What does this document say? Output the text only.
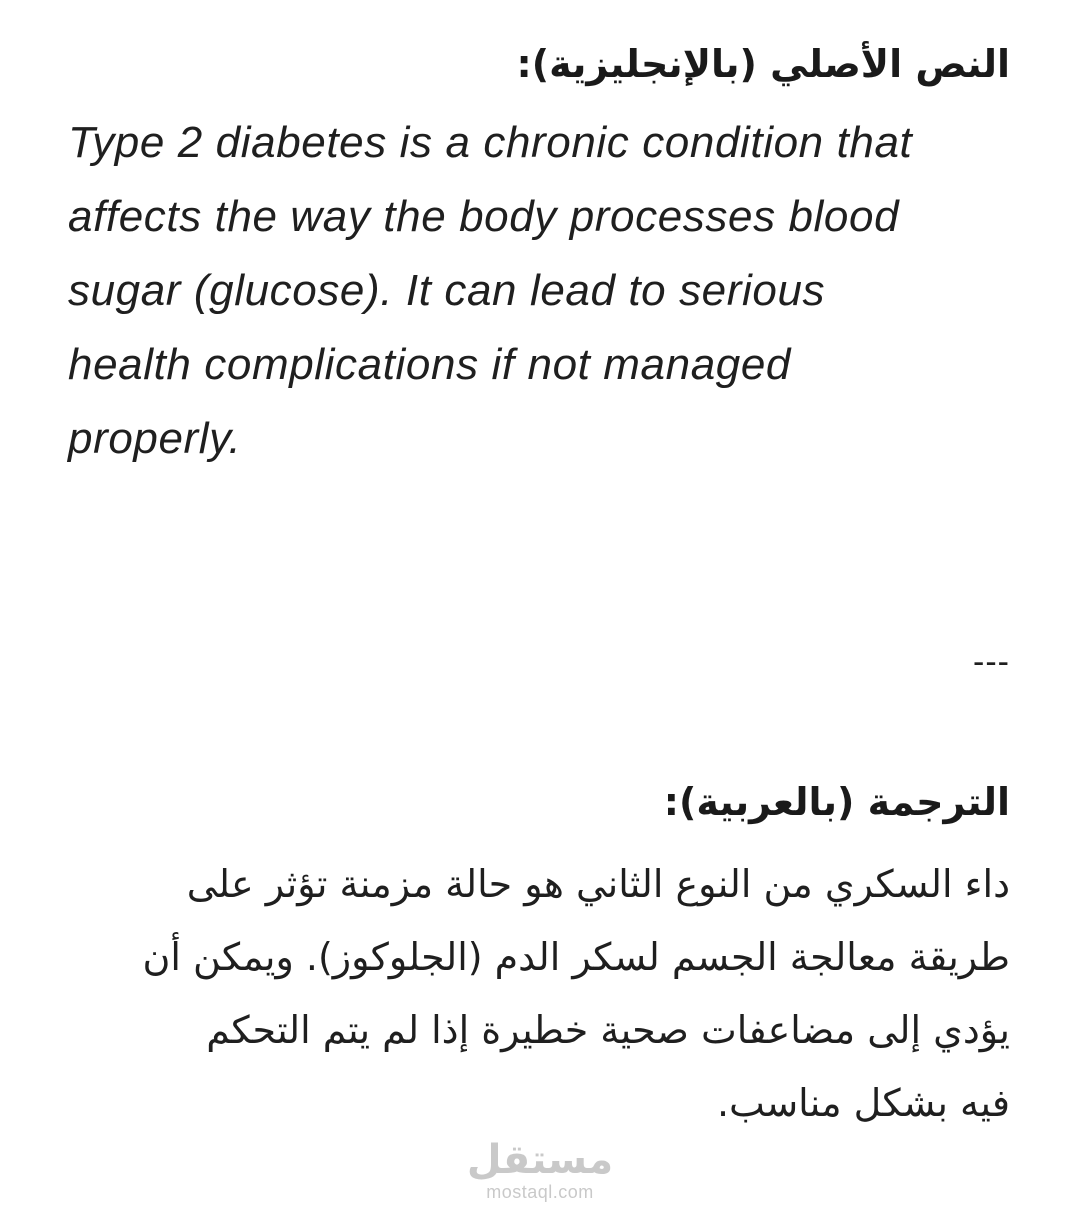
النص الأصلي (بالإنجليزية):
Type 2 diabetes is a chronic condition that
affects the way the body processes blood
sugar (glucose). It can lead to serious
health complications if not managed
properly.
---
الترجمة (بالعربية):
داء السكري من النوع الثاني هو حالة مزمنة تؤثر على
طريقة معالجة الجسم لسكر الدم (الجلوكوز). ويمكن أن
يؤدي إلى مضاعفات صحية خطيرة إذا لم يتم التحكم
فيه بشكل مناسب.
مستقل
mostaql.com
